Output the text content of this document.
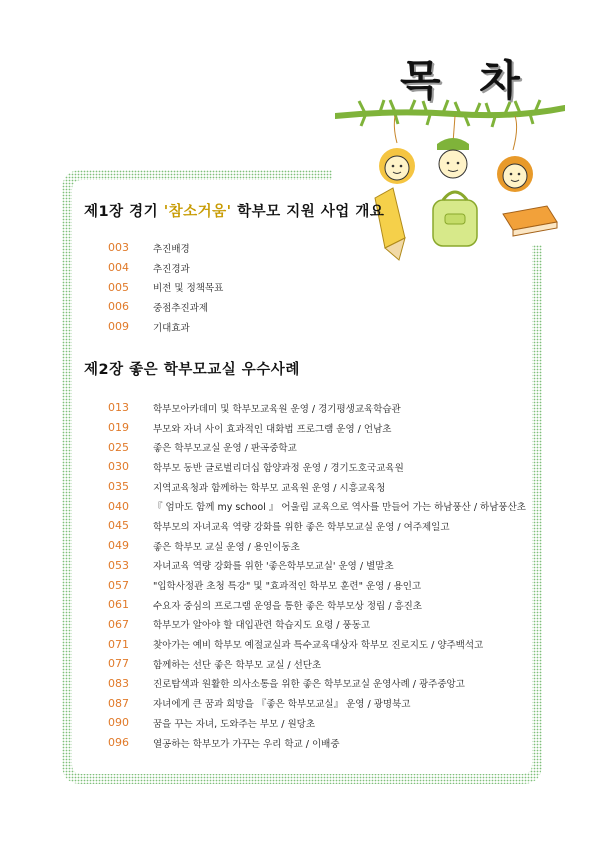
목 차
제1장 경기 '참소거움' 학부모 지원 사업 개요
003	추진배경
004	추진경과
005	비전 및 정책목표
006	중점추진과제
009	기대효과
제2장 좋은 학부모교실 우수사례
013	학부모아카데미 및 학부모교육원 운영 / 경기평생교육학습관
019	부모와 자녀 사이 효과적인 대화법 프로그램 운영 / 언남초
025	좋은 학부모교실 운영 / 판곡중학교
030	학부모 동반 글로벌리더십 함양과정 운영 / 경기도호국교육원
035	지역교육청과 함께하는 학부모 교육원 운영 / 시흥교육청
040	『 엄마도 함께 my school 』 어울림 교육으로 역사를 만들어 가는 하남풍산 / 하남풍산초
045	학부모의 자녀교육 역량 강화를 위한 좋은 학부모교실 운영 / 여주제일고
049	좋은 학부모 교실 운영 / 용인이동초
053	자녀교육 역량 강화를 위한 '좋은학부모교실' 운영 / 별말초
057	"입학사정관 초청 특강" 및 "효과적인 학부모 훈련" 운영 / 용인고
061	수요자 중심의 프로그램 운영을 통한 좋은 학부모상 정립 / 흥진초
067	학부모가 알아야 할 대입관련 학습지도 요령 / 풍동고
071	찾아가는 예비 학부모 예절교실과 특수교육대상자 학부모 진로지도 / 양주백석고
077	함께하는 선단 좋은 학부모 교실 / 선단초
083	진로탐색과 원활한 의사소통을 위한 좋은 학부모교실 운영사례 / 광주중앙고
087	자녀에게 큰 꿈과 희망을 『좋은 학부모교실』 운영 / 광명북고
090	꿈을 꾸는 자녀, 도와주는 부모 / 원당초
096	열공하는 학부모가 가꾸는 우리 학교 / 이배중
